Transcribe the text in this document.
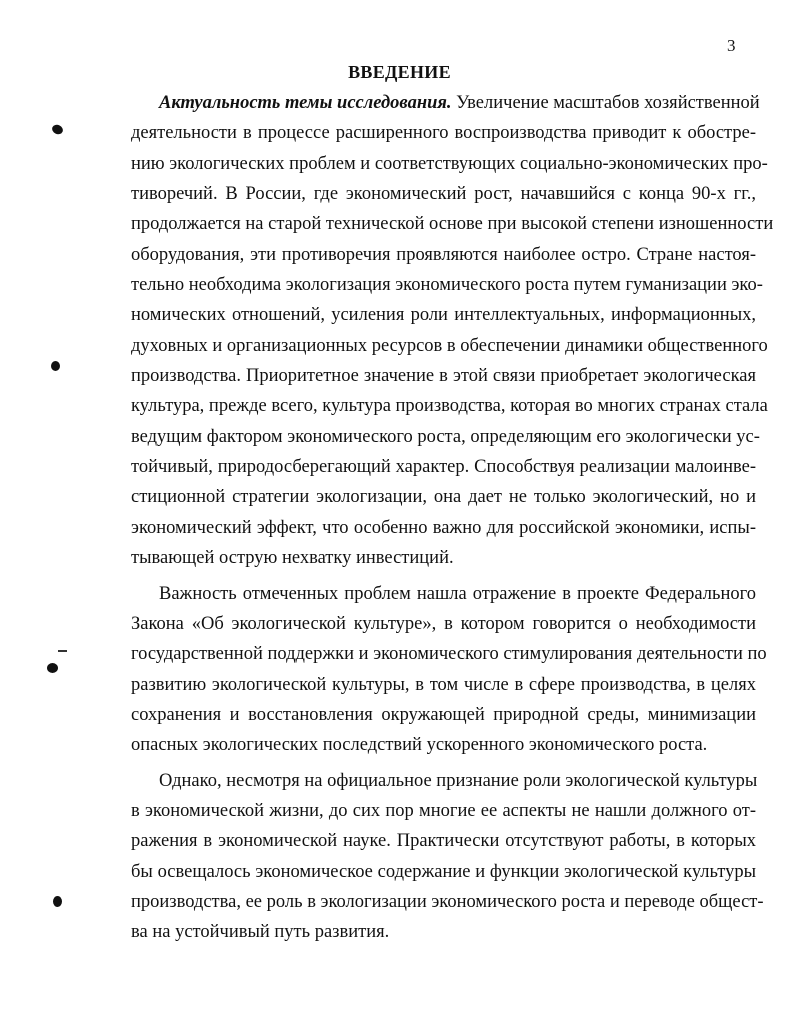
3
ВВЕДЕНИЕ
Актуальность темы исследования. Увеличение масштабов хозяйственной
деятельности в процессе расширенного воспроизводства приводит к обостре-
нию экологических проблем и соответствующих социально-экономических про-
тиворечий. В России, где экономический рост, начавшийся с конца 90-х гг.,
продолжается на старой технической основе при высокой степени изношенности
оборудования, эти противоречия проявляются наиболее остро. Стране настоя-
тельно необходима экологизация экономического роста путем гуманизации эко-
номических отношений, усиления роли интеллектуальных, информационных,
духовных и организационных ресурсов в обеспечении динамики общественного
производства. Приоритетное значение в этой связи приобретает экологическая
культура, прежде всего, культура производства, которая во многих странах стала
ведущим фактором экономического роста, определяющим его экологически ус-
тойчивый, природосберегающий характер. Способствуя реализации малоинве-
стиционной стратегии экологизации, она дает не только экологический, но и
экономический эффект, что особенно важно для российской экономики, испы-
тывающей острую нехватку инвестиций.
Важность отмеченных проблем нашла отражение в проекте Федерального
Закона «Об экологической культуре», в котором говорится о необходимости
государственной поддержки и экономического стимулирования деятельности по
развитию экологической культуры, в том числе в сфере производства, в целях
сохранения и восстановления окружающей природной среды, минимизации
опасных экологических последствий ускоренного экономического роста.
Однако, несмотря на официальное признание роли экологической культуры
в экономической жизни, до сих пор многие ее аспекты не нашли должного от-
ражения в экономической науке. Практически отсутствуют работы, в которых
бы освещалось экономическое содержание и функции экологической культуры
производства, ее роль в экологизации экономического роста и переводе общест-
ва на устойчивый путь развития.
